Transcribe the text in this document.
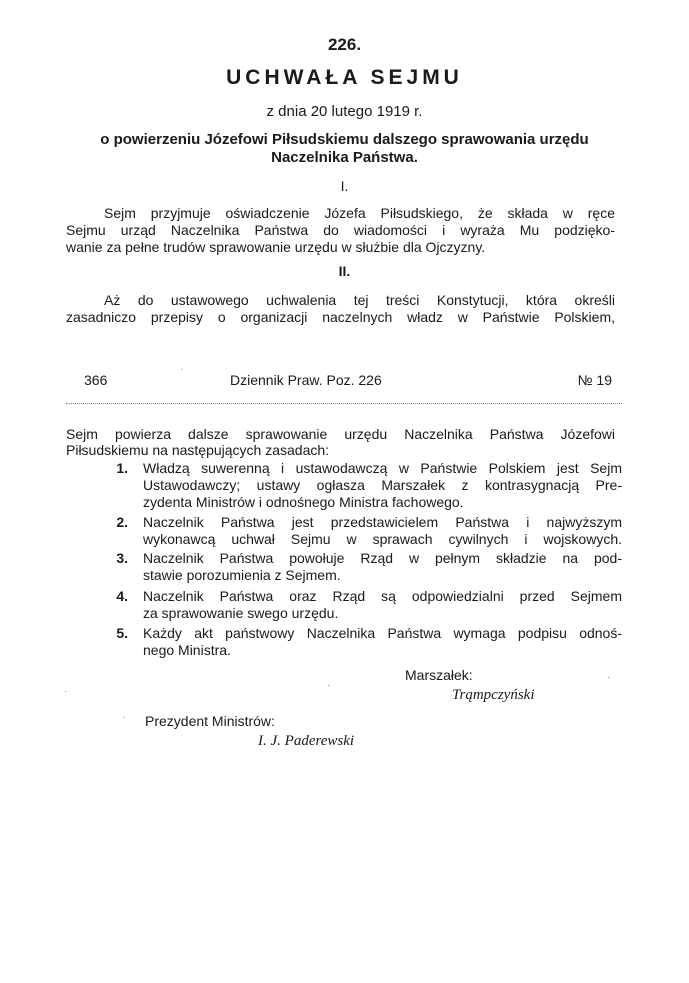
226.
UCHWAŁA SEJMU
z dnia 20 lutego 1919 r.
o powierzeniu Józefowi Piłsudskiemu dalszego sprawowania urzędu
Naczelnika Państwa.
I.
Sejm przyjmuje oświadczenie Józefa Piłsudskiego, że składa w ręce
Sejmu urząd Naczelnika Państwa do wiadomości i wyraża Mu podzięko-
wanie za pełne trudów sprawowanie urzędu w służbie dla Ojczyzny.
II.
Aż do ustawowego uchwalenia tej treści Konstytucji, która określi
zasadniczo przepisy o organizacji naczelnych władz w Państwie Polskiem,
366	Dziennik Praw. Poz. 226	№ 19
Sejm powierza dalsze sprawowanie urzędu Naczelnika Państwa Józefowi
Piłsudskiemu na następujących zasadach:
1. Władzą suwerenną i ustawodawczą w Państwie Polskiem jest Sejm
Ustawodawczy; ustawy ogłasza Marszałek z kontrasygnacją Pre-
zydenta Ministrów i odnośnego Ministra fachowego.
2. Naczelnik Państwa jest przedstawicielem Państwa i najwyższym
wykonawcą uchwał Sejmu w sprawach cywilnych i wojskowych.
3. Naczelnik Państwa powołuje Rząd w pełnym składzie na pod-
stawie porozumienia z Sejmem.
4. Naczelnik Państwa oraz Rząd są odpowiedzialni przed Sejmem
za sprawowanie swego urzędu.
5. Każdy akt państwowy Naczelnika Państwa wymaga podpisu odnoś-
nego Ministra.
Marszałek:
Trąmpczyński
Prezydent Ministrów:
I. J. Paderewski
·
·
·
·
·
